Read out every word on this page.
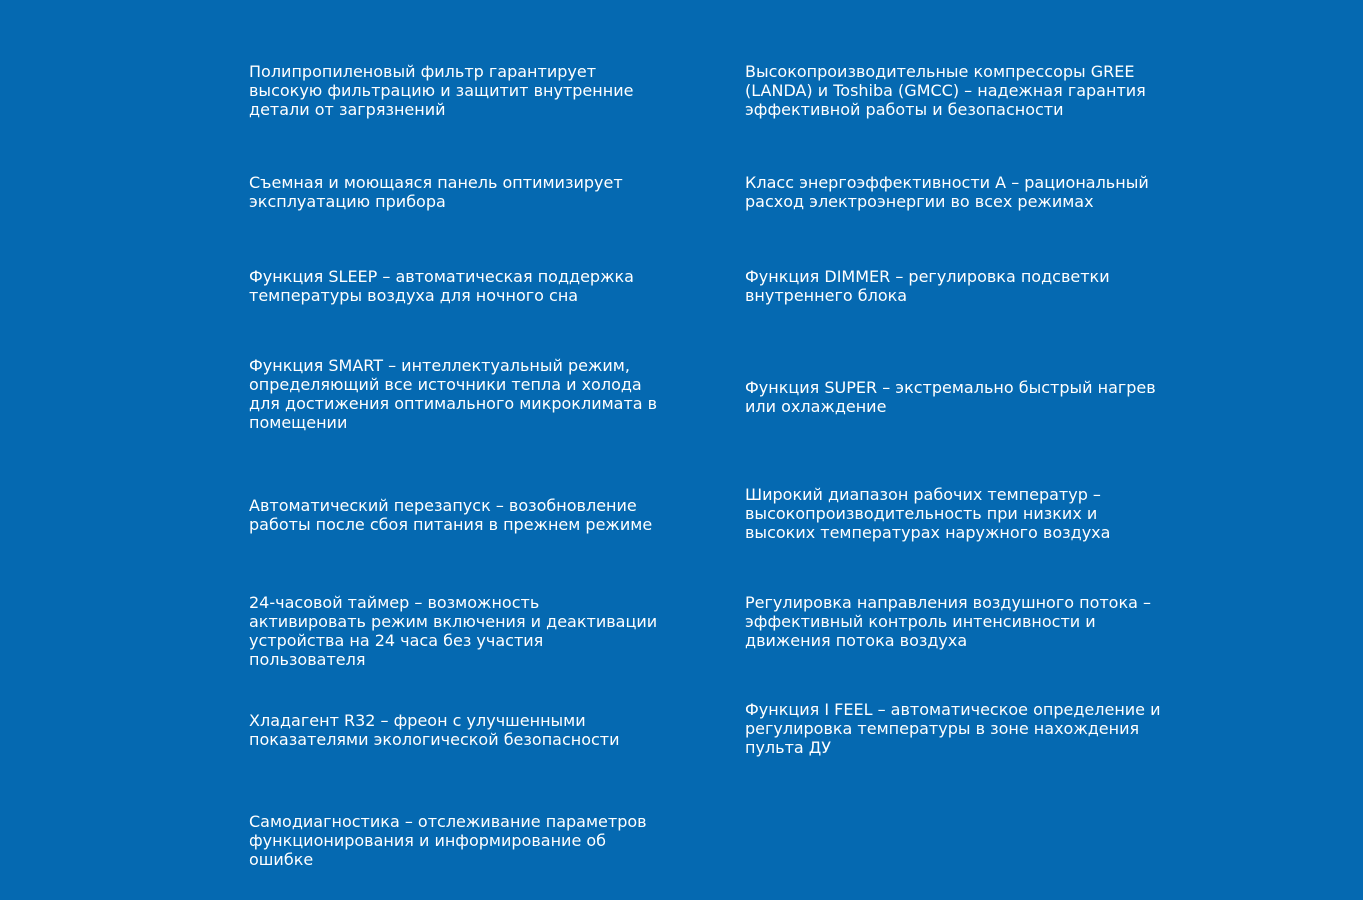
Полипропиленовый фильтр гарантирует высокую фильтрацию и защитит внутренние детали от загрязнений

Съемная и моющаяся панель оптимизирует эксплуатацию прибора

Функция SLEEP – автоматическая поддержка температуры воздуха для ночного сна

Функция SMART – интеллектуальный режим, определяющий все источники тепла и холода для достижения оптимального микроклимата в помещении

Автоматический перезапуск – возобновление работы после сбоя питания в прежнем режиме

24-часовой таймер – возможность активировать режим включения и деактивации устройства на 24 часа без участия пользователя

Хладагент R32 – фреон с улучшенными показателями экологической безопасности

Самодиагностика – отслеживание параметров функционирования и информирование об ошибке

Высокопроизводительные компрессоры GREE (LANDA) и Toshiba (GMCC) – надежная гарантия эффективной работы и безопасности

Класс энергоэффективности А – рациональный расход электроэнергии во всех режимах

Функция DIMMER – регулировка подсветки внутреннего блока

Функция SUPER – экстремально быстрый нагрев или охлаждение

Широкий диапазон рабочих температур – высокопроизводительность при низких и высоких температурах наружного воздуха

Регулировка направления воздушного потока – эффективный контроль интенсивности и движения потока воздуха

Функция I FEEL – автоматическое определение и регулировка температуры в зоне нахождения пульта ДУ
